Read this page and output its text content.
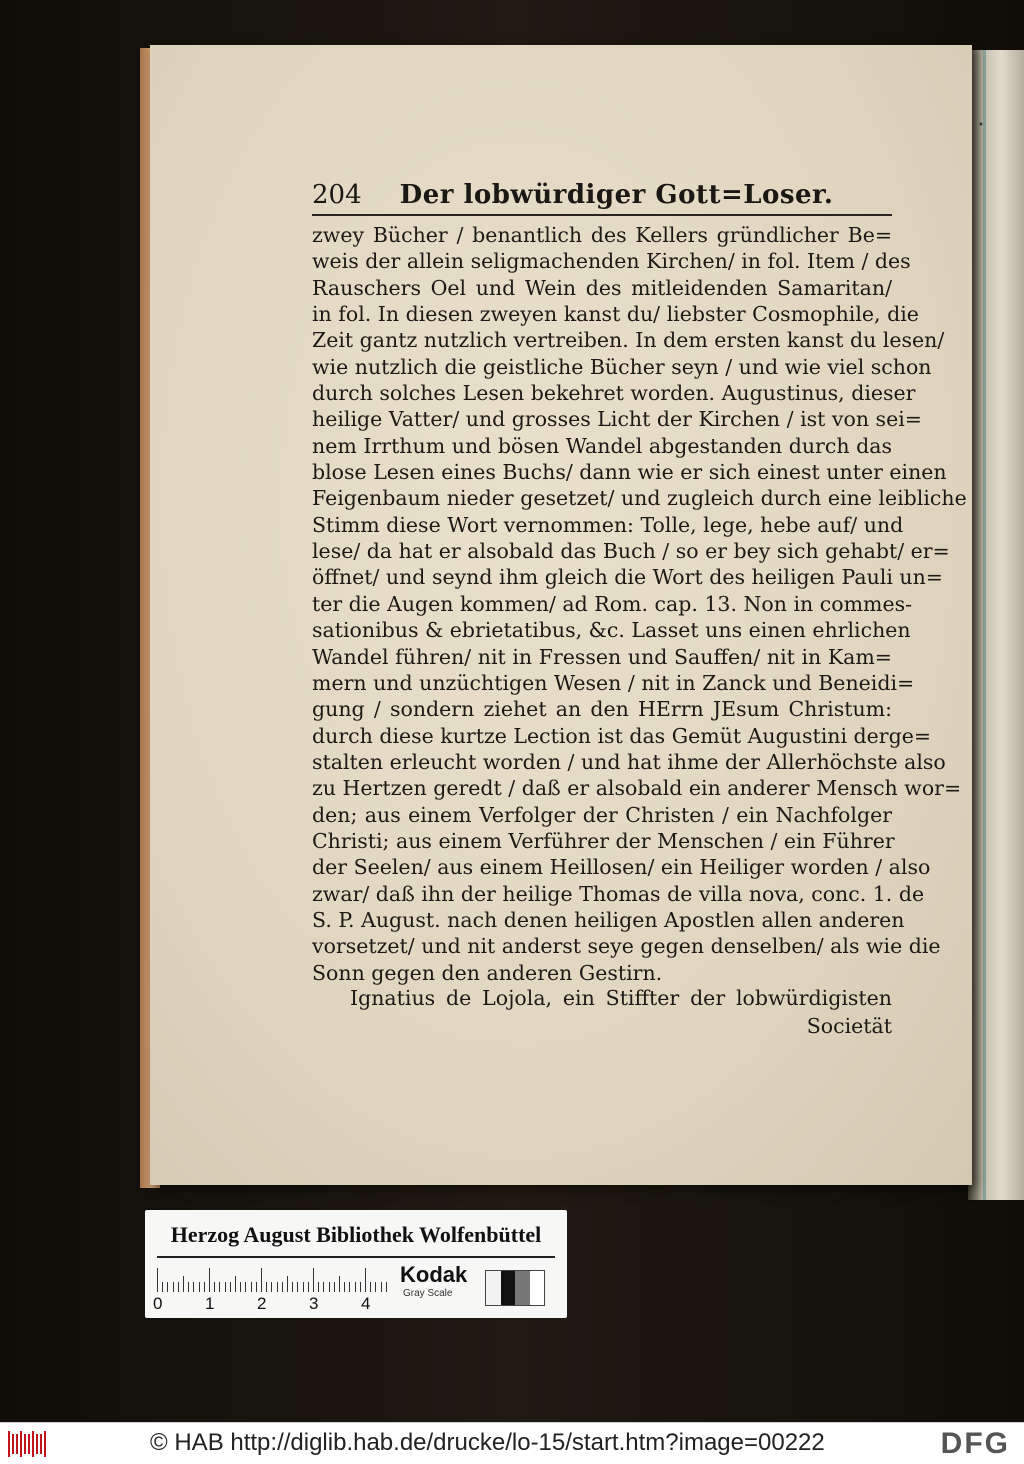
•
204 Der lobwürdiger Gott=Loser.
zwey Bücher / benantlich des Kellers gründlicher Be=
weis der allein seligmachenden Kirchen/ in fol. Item / des
Rauschers Oel und Wein des mitleidenden Samaritan/
in fol. In diesen zweyen kanst du/ liebster Cosmophile, die
Zeit gantz nutzlich vertreiben. In dem ersten kanst du lesen/
wie nutzlich die geistliche Bücher seyn / und wie viel schon
durch solches Lesen bekehret worden. Augustinus, dieser
heilige Vatter/ und grosses Licht der Kirchen / ist von sei=
nem Irrthum und bösen Wandel abgestanden durch das
blose Lesen eines Buchs/ dann wie er sich einest unter einen
Feigenbaum nieder gesetzet/ und zugleich durch eine leibliche
Stimm diese Wort vernommen: Tolle, lege, hebe auf/ und
lese/ da hat er alsobald das Buch / so er bey sich gehabt/ er=
öffnet/ und seynd ihm gleich die Wort des heiligen Pauli un=
ter die Augen kommen/ ad Rom. cap. 13. Non in commes-
sationibus & ebrietatibus, &c. Lasset uns einen ehrlichen
Wandel führen/ nit in Fressen und Sauffen/ nit in Kam=
mern und unzüchtigen Wesen / nit in Zanck und Beneidi=
gung / sondern ziehet an den HErrn JEsum Christum:
durch diese kurtze Lection ist das Gemüt Augustini derge=
stalten erleucht worden / und hat ihme der Allerhöchste also
zu Hertzen geredt / daß er alsobald ein anderer Mensch wor=
den; aus einem Verfolger der Christen / ein Nachfolger
Christi; aus einem Verführer der Menschen / ein Führer
der Seelen/ aus einem Heillosen/ ein Heiliger worden / also
zwar/ daß ihn der heilige Thomas de villa nova, conc. 1. de
S. P. August. nach denen heiligen Apostlen allen anderen
vorsetzet/ und nit anderst seye gegen denselben/ als wie die
Sonn gegen den anderen Gestirn.
Ignatius de Lojola, ein Stiffter der lobwürdigisten
Societät
Herzog August Bibliothek Wolfenbüttel
0	1	2	3	4
Kodak
Gray Scale
© HAB http://diglib.hab.de/drucke/lo-15/start.htm?image=00222	DFG
